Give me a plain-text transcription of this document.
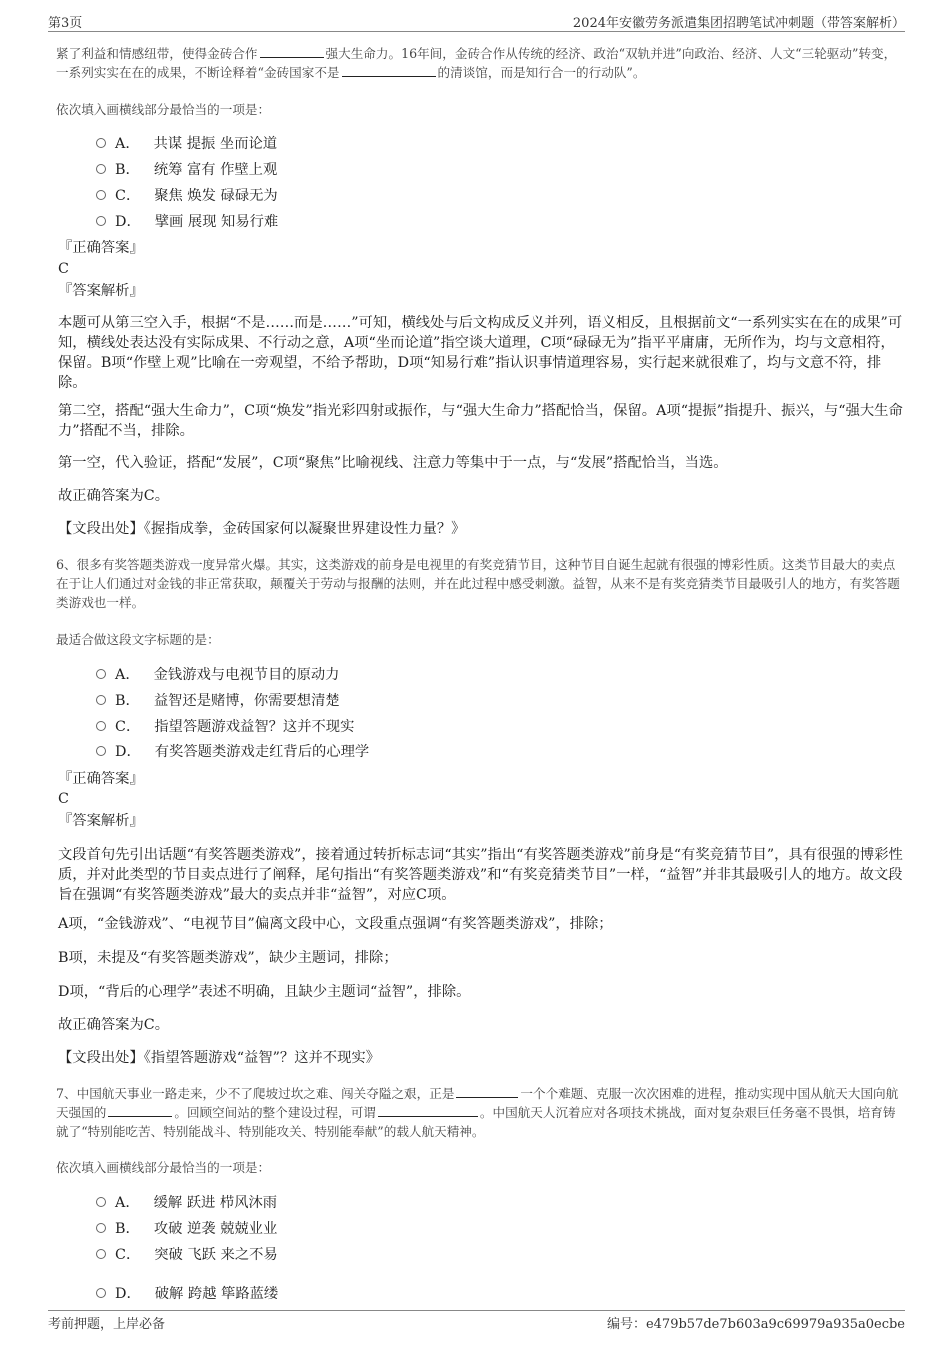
第3页	2024年安徽劳务派遣集团招聘笔试冲刺题（带答案解析）
紧了利益和情感纽带，使得金砖合作	强大生命力。16年间，金砖合作从传统的经济、政治“双轨并进”向政治、经济、人文“三轮驱动”转变，一系列实实在在的成果，不断诠释着“金砖国家不是	的清谈馆，而是知行合一的行动队”。
依次填入画横线部分最恰当的一项是：
A． 共谋 提振 坐而论道
B． 统筹 富有 作壁上观
C． 聚焦 焕发 碌碌无为
D． 擘画 展现 知易行难
『正确答案』
C
『答案解析』
本题可从第三空入手，根据“不是……而是……”可知，横线处与后文构成反义并列，语义相反，且根据前文“一系列实实在在的成果”可知，横线处表达没有实际成果、不行动之意，A项“坐而论道”指空谈大道理，C项“碌碌无为”指平平庸庸，无所作为，均与文意相符，保留。B项“作壁上观”比喻在一旁观望，不给予帮助，D项“知易行难”指认识事情道理容易，实行起来就很难了，均与文意不符，排除。
第二空，搭配“强大生命力”，C项“焕发”指光彩四射或振作，与“强大生命力”搭配恰当，保留。A项“提振”指提升、振兴，与“强大生命力”搭配不当，排除。
第一空，代入验证，搭配“发展”，C项“聚焦”比喻视线、注意力等集中于一点，与“发展”搭配恰当，当选。
故正确答案为C。
【文段出处】《握指成拳，金砖国家何以凝聚世界建设性力量？》
6、很多有奖答题类游戏一度异常火爆。其实，这类游戏的前身是电视里的有奖竞猜节目，这种节目自诞生起就有很强的博彩性质。这类节目最大的卖点在于让人们通过对金钱的非正常获取，颠覆关于劳动与报酬的法则，并在此过程中感受刺激。益智，从来不是有奖竞猜类节目最吸引人的地方，有奖答题类游戏也一样。
最适合做这段文字标题的是：
A． 金钱游戏与电视节目的原动力
B． 益智还是赌博，你需要想清楚
C． 指望答题游戏益智？这并不现实
D． 有奖答题类游戏走红背后的心理学
『正确答案』
C
『答案解析』
文段首句先引出话题“有奖答题类游戏”，接着通过转折标志词“其实”指出“有奖答题类游戏”前身是“有奖竞猜节目”，具有很强的博彩性质，并对此类型的节目卖点进行了阐释，尾句指出“有奖答题类游戏”和“有奖竞猜类节目”一样，“益智”并非其最吸引人的地方。故文段旨在强调“有奖答题类游戏”最大的卖点并非“益智”，对应C项。
A项，“金钱游戏”、“电视节目”偏离文段中心，文段重点强调“有奖答题类游戏”，排除；
B项，未提及“有奖答题类游戏”，缺少主题词，排除；
D项，“背后的心理学”表述不明确，且缺少主题词“益智”，排除。
故正确答案为C。
【文段出处】《指望答题游戏“益智”？这并不现实》
7、中国航天事业一路走来，少不了爬坡过坎之难、闯关夺隘之艰，正是	一个个难题、克服一次次困难的进程，推动实现中国从航天大国向航天强国的	。回顾空间站的整个建设过程，可谓	。中国航天人沉着应对各项技术挑战，面对复杂艰巨任务毫不畏惧，培育铸就了“特别能吃苦、特别能战斗、特别能攻关、特别能奉献”的载人航天精神。
依次填入画横线部分最恰当的一项是：
A． 缓解 跃进 栉风沐雨
B． 攻破 逆袭 兢兢业业
C． 突破 飞跃 来之不易
D． 破解 跨越 筚路蓝缕
考前押题，上岸必备	编号：e479b57de7b603a9c69979a935a0ecbe
